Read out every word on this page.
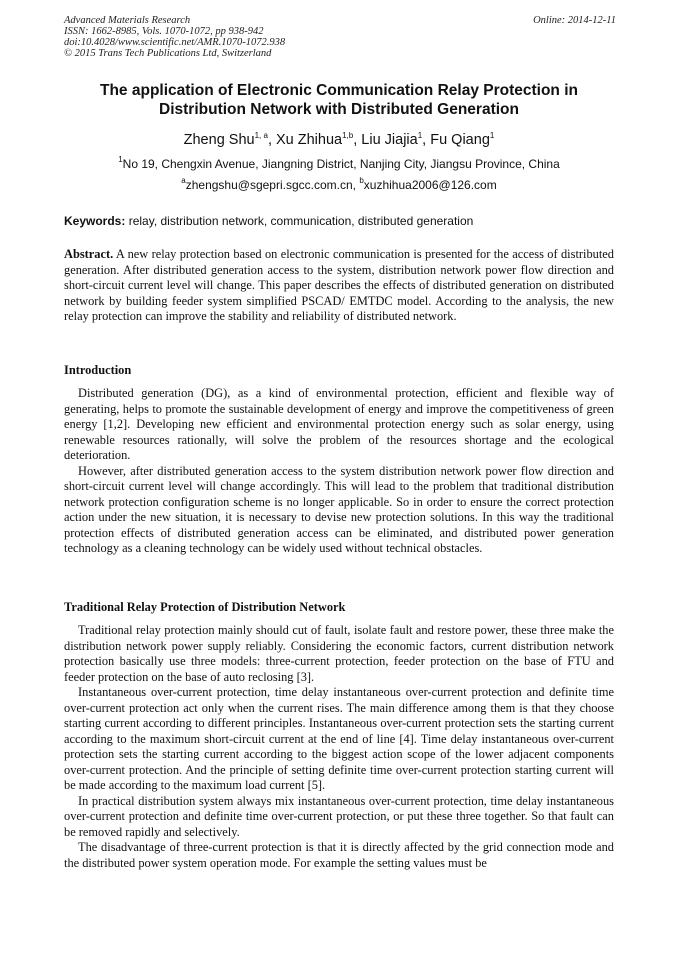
Advanced Materials Research
ISSN: 1662-8985, Vols. 1070-1072, pp 938-942
doi:10.4028/www.scientific.net/AMR.1070-1072.938
© 2015 Trans Tech Publications Ltd, Switzerland
Online: 2014-12-11
The application of Electronic Communication Relay Protection in
Distribution Network with Distributed Generation
Zheng Shu$^{1, a}$, Xu Zhihua$^{1,b}$, Liu Jiajia$^1$, Fu Qiang$^1$
$^1$No 19, Chengxin Avenue, Jiangning District, Nanjing City, Jiangsu Province, China
$^a$zhengshu@sgepri.sgcc.com.cn, $^b$xuzhihua2006@126.com
Keywords: relay, distribution network, communication, distributed generation

Abstract. A new relay protection based on electronic communication is presented for the access of distributed generation. After distributed generation access to the system, distribution network power flow direction and short-circuit current level will change. This paper describes the effects of distributed generation on distributed network by building feeder system simplified PSCAD/ EMTDC model. According to the analysis, the new relay protection can improve the stability and reliability of distributed network.

Introduction

Distributed generation (DG), as a kind of environmental protection, efficient and flexible way of generating, helps to promote the sustainable development of energy and improve the competitiveness of green energy [1,2]. Developing new efficient and environmental protection energy such as solar energy, using renewable resources rationally, will solve the problem of the resources shortage and the ecological deterioration.

However, after distributed generation access to the system distribution network power flow direction and short-circuit current level will change accordingly. This will lead to the problem that traditional distribution network protection configuration scheme is no longer applicable. So in order to ensure the correct protection action under the new situation, it is necessary to devise new protection solutions. In this way the traditional protection effects of distributed generation access can be eliminated, and distributed power generation technology as a cleaning technology can be widely used without technical obstacles.

Traditional Relay Protection of Distribution Network

Traditional relay protection mainly should cut of fault, isolate fault and restore power, these three make the distribution network power supply reliably. Considering the economic factors, current distribution network protection basically use three models: three-current protection, feeder protection on the base of FTU and feeder protection on the base of auto reclosing [3].

Instantaneous over-current protection, time delay instantaneous over-current protection and definite time over-current protection act only when the current rises. The main difference among them is that they choose starting current according to different principles. Instantaneous over-current protection sets the starting current according to the maximum short-circuit current at the end of line [4]. Time delay instantaneous over-current protection sets the starting current according to the biggest action scope of the lower adjacent components over-current protection. And the principle of setting definite time over-current protection starting current will be made according to the maximum load current [5].

In practical distribution system always mix instantaneous over-current protection, time delay instantaneous over-current protection and definite time over-current protection, or put these three together. So that fault can be removed rapidly and selectively.

The disadvantage of three-current protection is that it is directly affected by the grid connection mode and the distributed power system operation mode. For example the setting values must be
